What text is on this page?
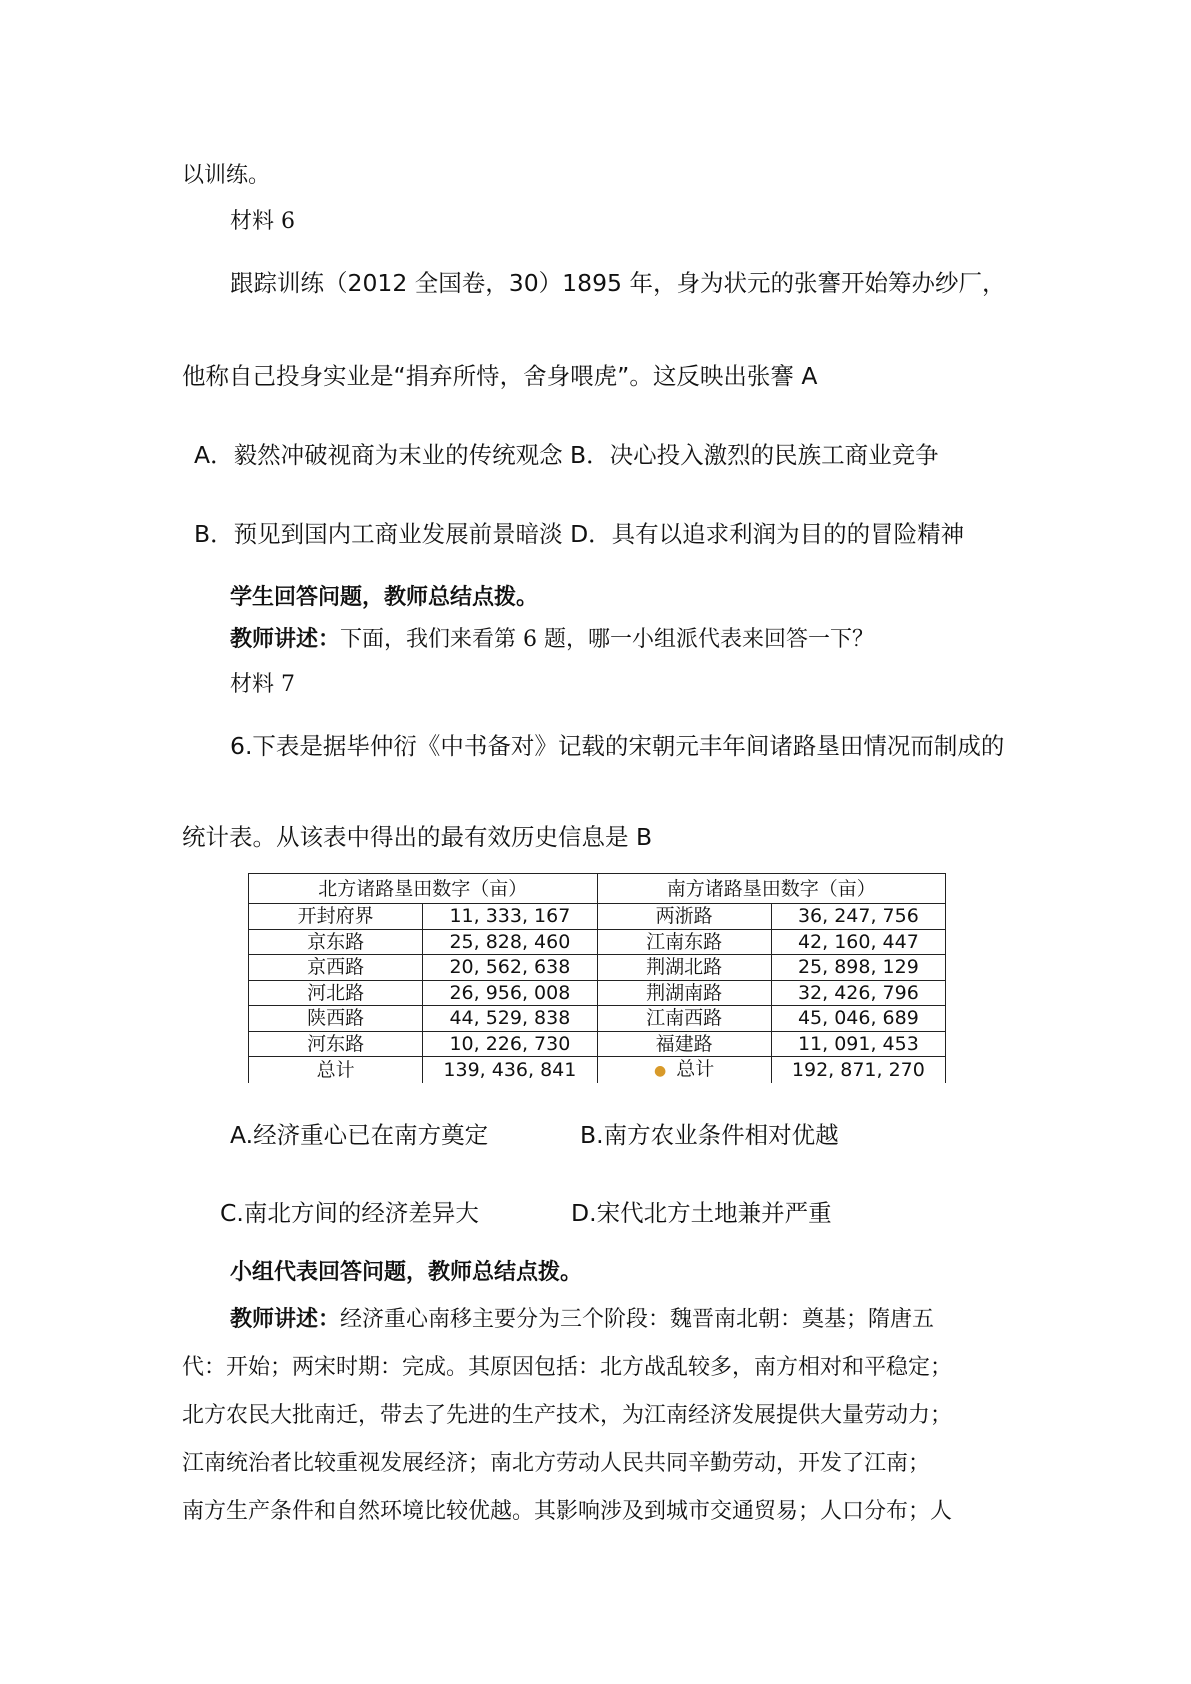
以训练。
材料 6
跟踪训练（2012 全国卷，30）1895 年，身为状元的张謇开始筹办纱厂，
他称自己投身实业是“捐弃所恃，舍身喂虎”。这反映出张謇 A
A．毅然冲破视商为末业的传统观念 B．决心投入激烈的民族工商业竞争
B．预见到国内工商业发展前景暗淡 D．具有以追求利润为目的的冒险精神
学生回答问题，教师总结点拨。
教师讲述：下面，我们来看第 6 题，哪一小组派代表来回答一下？
材料 7
6.下表是据毕仲衍《中书备对》记载的宋朝元丰年间诸路垦田情况而制成的
统计表。从该表中得出的最有效历史信息是 B
北方诸路垦田数字（亩）		南方诸路垦田数字（亩）	
开封府界	11, 333, 167	两浙路	36, 247, 756
京东路	25, 828, 460	江南东路	42, 160, 447
京西路	20, 562, 638	荆湖北路	25, 898, 129
河北路	26, 956, 008	荆湖南路	32, 426, 796
陕西路	44, 529, 838	江南西路	45, 046, 689
河东路	10, 226, 730	福建路	11, 091, 453
总计	139, 436, 841	● 总计	192, 871, 270
A.经济重心已在南方奠定	B.南方农业条件相对优越
C.南北方间的经济差异大	D.宋代北方土地兼并严重
小组代表回答问题，教师总结点拨。
教师讲述：经济重心南移主要分为三个阶段：魏晋南北朝：奠基；隋唐五
代：开始；两宋时期：完成。其原因包括：北方战乱较多，南方相对和平稳定；
北方农民大批南迁，带去了先进的生产技术，为江南经济发展提供大量劳动力；
江南统治者比较重视发展经济；南北方劳动人民共同辛勤劳动，开发了江南；
南方生产条件和自然环境比较优越。其影响涉及到城市交通贸易；人口分布；人
